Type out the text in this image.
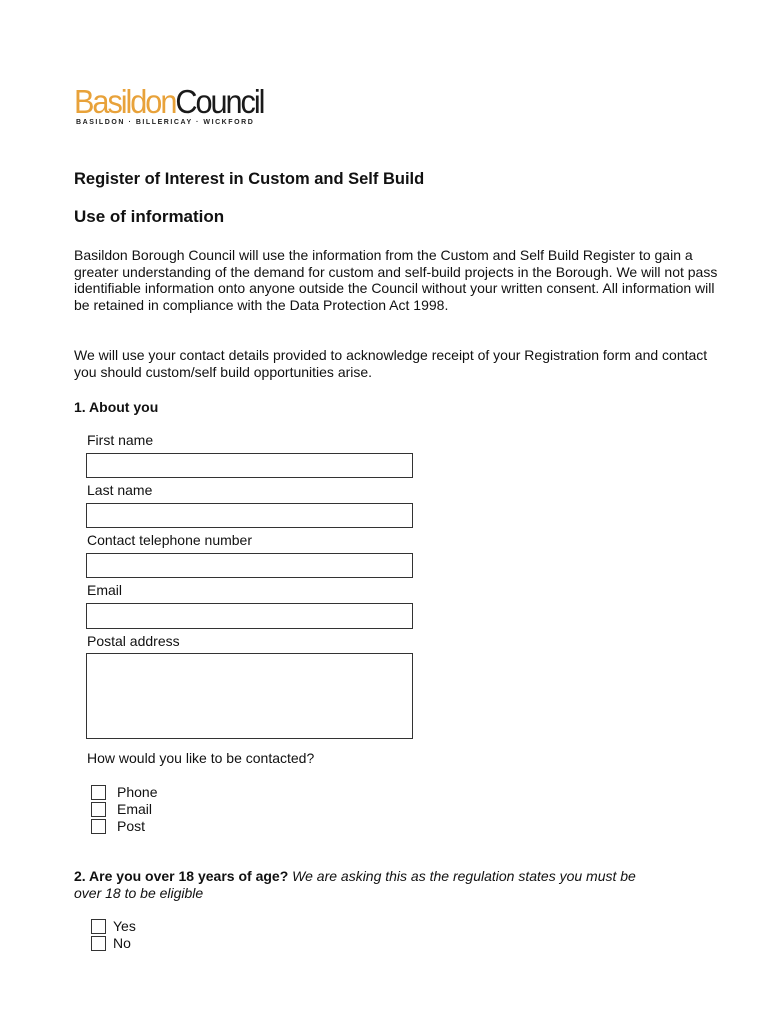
BasildonCouncil
BASILDON · BILLERICAY · WICKFORD
Register of Interest in Custom and Self Build
Use of information
Basildon Borough Council will use the information from the Custom and Self Build Register to gain a greater understanding of the demand for custom and self-build projects in the Borough. We will not pass identifiable information onto anyone outside the Council without your written consent. All information will be retained in compliance with the Data Protection Act 1998.
We will use your contact details provided to acknowledge receipt of your Registration form and contact you should custom/self build opportunities arise.
1. About you
First name
Last name
Contact telephone number
Email
Postal address
How would you like to be contacted?
Phone
Email
Post
2. Are you over 18 years of age? We are asking this as the regulation states you must be
over 18 to be eligible
Yes
No
